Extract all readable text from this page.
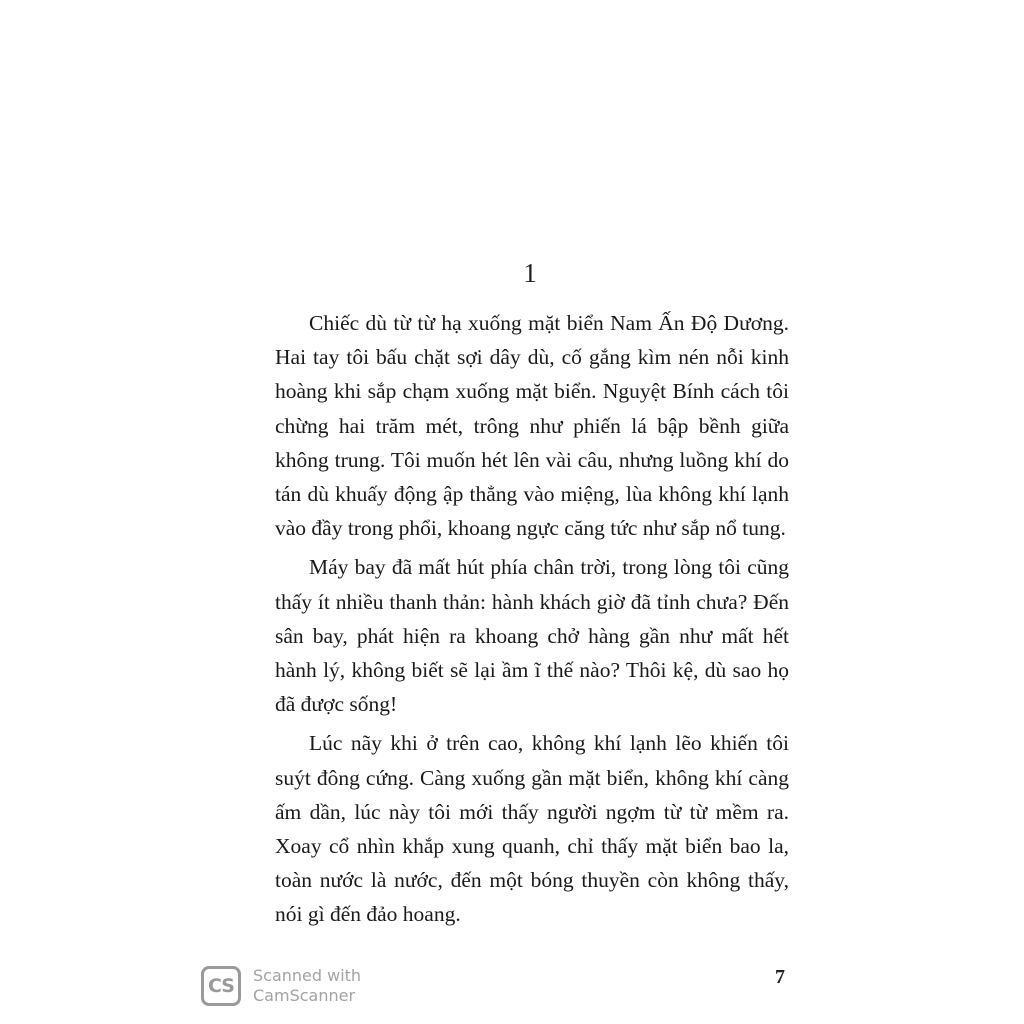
1

Chiếc dù từ từ hạ xuống mặt biển Nam Ấn Độ Dương. Hai tay tôi bấu chặt sợi dây dù, cố gắng kìm nén nỗi kinh hoàng khi sắp chạm xuống mặt biển. Nguyệt Bính cách tôi chừng hai trăm mét, trông như phiến lá bập bềnh giữa không trung. Tôi muốn hét lên vài câu, nhưng luồng khí do tán dù khuấy động ập thẳng vào miệng, lùa không khí lạnh vào đầy trong phổi, khoang ngực căng tức như sắp nổ tung.

Máy bay đã mất hút phía chân trời, trong lòng tôi cũng thấy ít nhiều thanh thản: hành khách giờ đã tỉnh chưa? Đến sân bay, phát hiện ra khoang chở hàng gần như mất hết hành lý, không biết sẽ lại ầm ĩ thế nào? Thôi kệ, dù sao họ đã được sống!

Lúc nãy khi ở trên cao, không khí lạnh lẽo khiến tôi suýt đông cứng. Càng xuống gần mặt biển, không khí càng ấm dần, lúc này tôi mới thấy người ngợm từ từ mềm ra. Xoay cổ nhìn khắp xung quanh, chỉ thấy mặt biển bao la, toàn nước là nước, đến một bóng thuyền còn không thấy, nói gì đến đảo hoang.

CS	Scanned with
CamScanner
7
